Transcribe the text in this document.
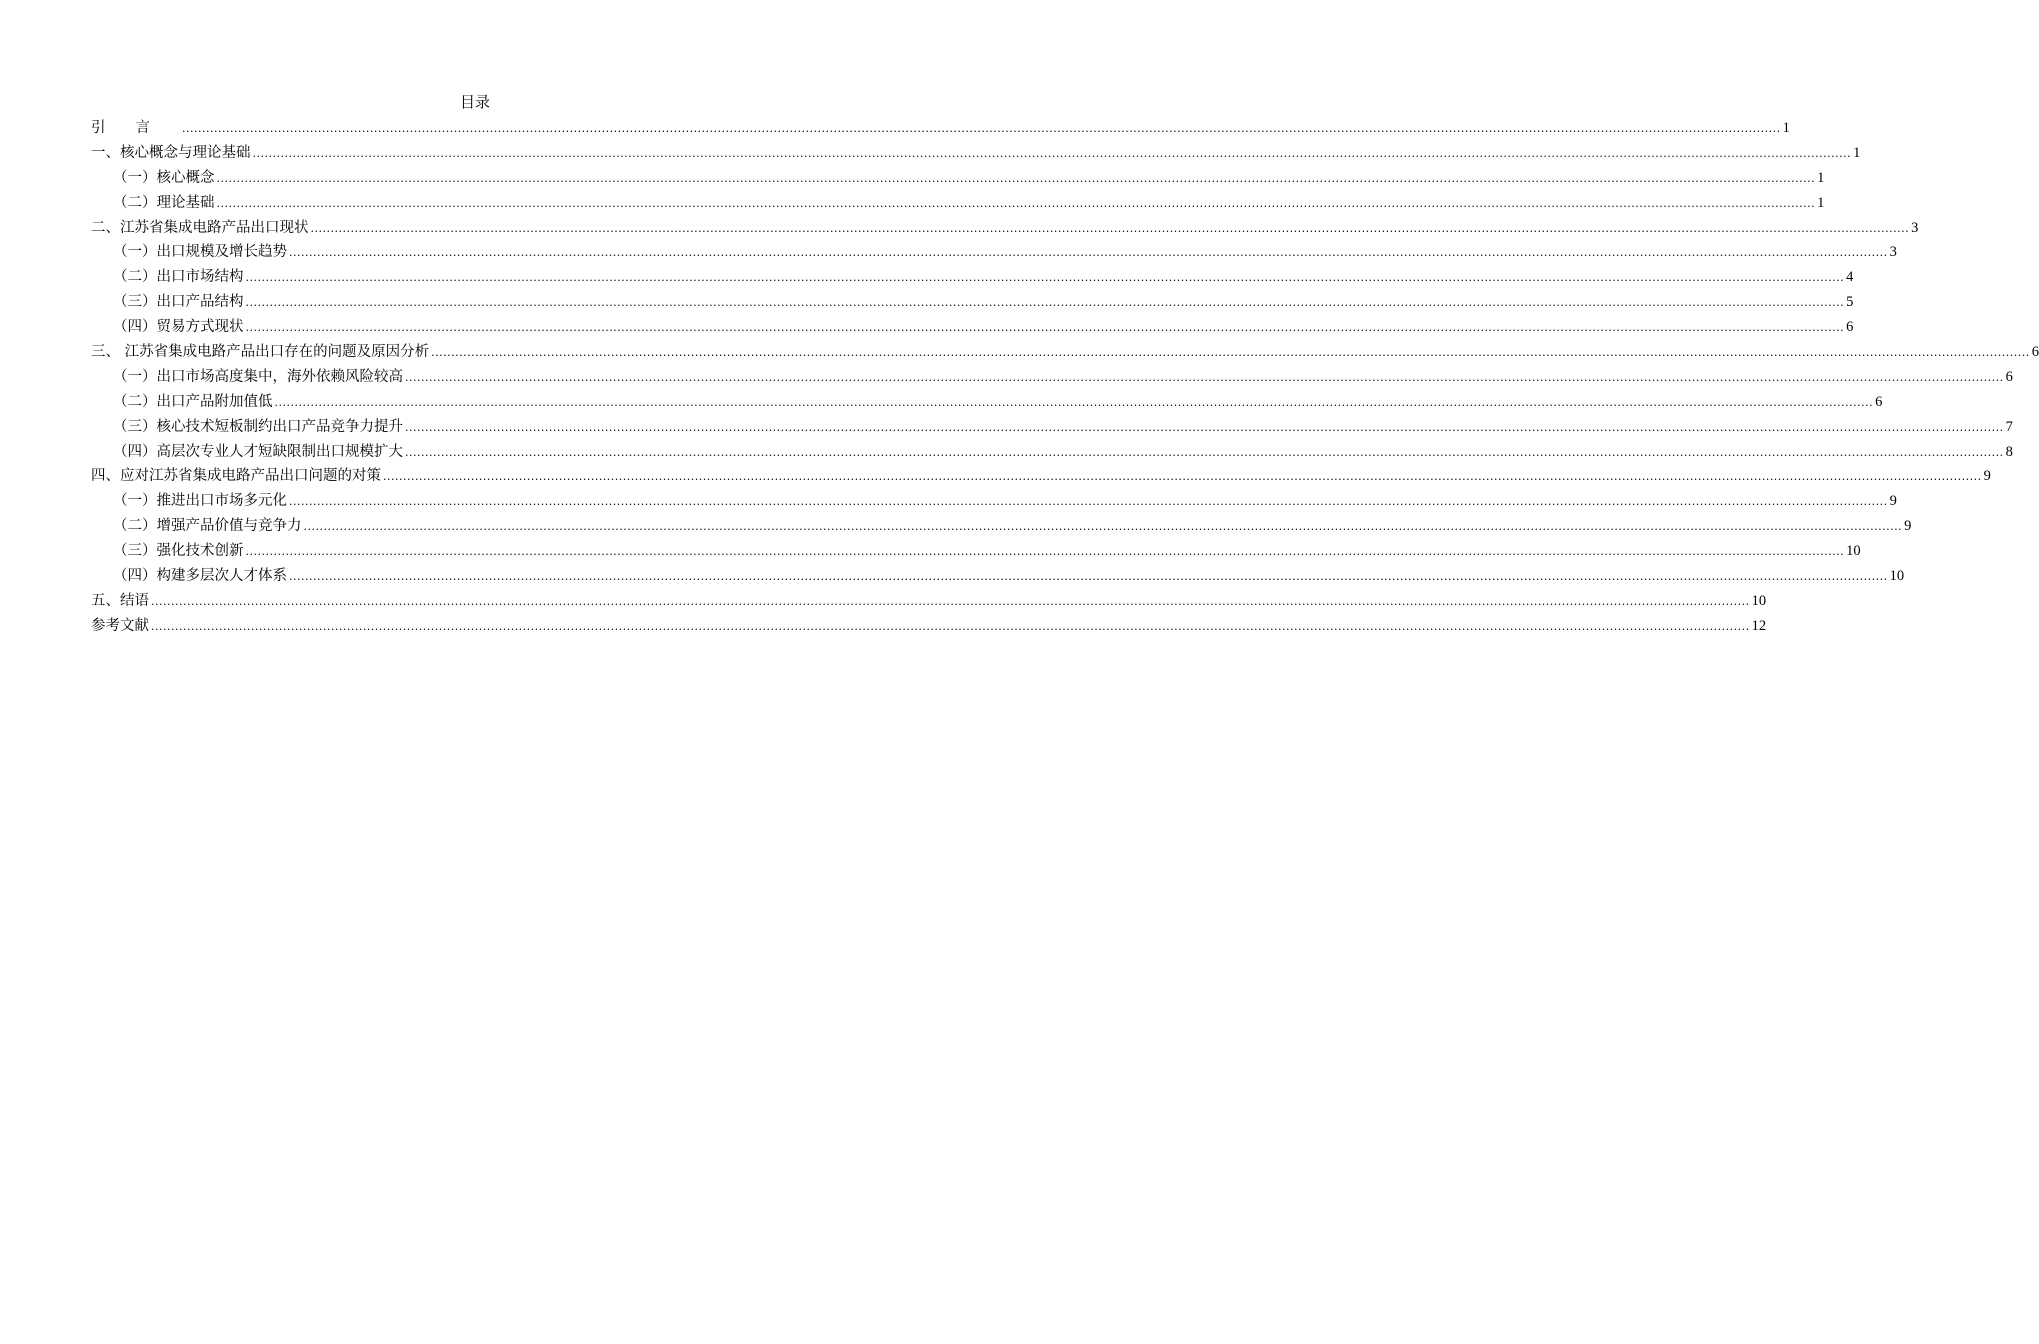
目录
引言 ................................................................................................................................................................................................................................................................................................................................................................................................................ 1
一、核心概念与理论基础 ................................................................................................................................................................................................................................................................................................................................................................................................................ 1
（一）核心概念 ................................................................................................................................................................................................................................................................................................................................................................................................................ 1
（二）理论基础 ................................................................................................................................................................................................................................................................................................................................................................................................................ 1
二、江苏省集成电路产品出口现状 ................................................................................................................................................................................................................................................................................................................................................................................................................ 3
（一）出口规模及增长趋势 ................................................................................................................................................................................................................................................................................................................................................................................................................ 3
（二）出口市场结构 ................................................................................................................................................................................................................................................................................................................................................................................................................ 4
（三）出口产品结构 ................................................................................................................................................................................................................................................................................................................................................................................................................ 5
（四）贸易方式现状 ................................................................................................................................................................................................................................................................................................................................................................................................................ 6
三、 江苏省集成电路产品出口存在的问题及原因分析 ................................................................................................................................................................................................................................................................................................................................................................................................................ 6
（一）出口市场高度集中，海外依赖风险较高 ................................................................................................................................................................................................................................................................................................................................................................................................................ 6
（二）出口产品附加值低 ................................................................................................................................................................................................................................................................................................................................................................................................................ 6
（三）核心技术短板制约出口产品竞争力提升 ................................................................................................................................................................................................................................................................................................................................................................................................................ 7
（四）高层次专业人才短缺限制出口规模扩大 ................................................................................................................................................................................................................................................................................................................................................................................................................ 8
四、应对江苏省集成电路产品出口问题的对策 ................................................................................................................................................................................................................................................................................................................................................................................................................ 9
（一）推进出口市场多元化 ................................................................................................................................................................................................................................................................................................................................................................................................................ 9
（二）增强产品价值与竞争力 ................................................................................................................................................................................................................................................................................................................................................................................................................ 9
（三）强化技术创新 ................................................................................................................................................................................................................................................................................................................................................................................................................ 10
（四）构建多层次人才体系 ................................................................................................................................................................................................................................................................................................................................................................................................................ 10
五、结语 ................................................................................................................................................................................................................................................................................................................................................................................................................ 10
参考文献 ................................................................................................................................................................................................................................................................................................................................................................................................................ 12
